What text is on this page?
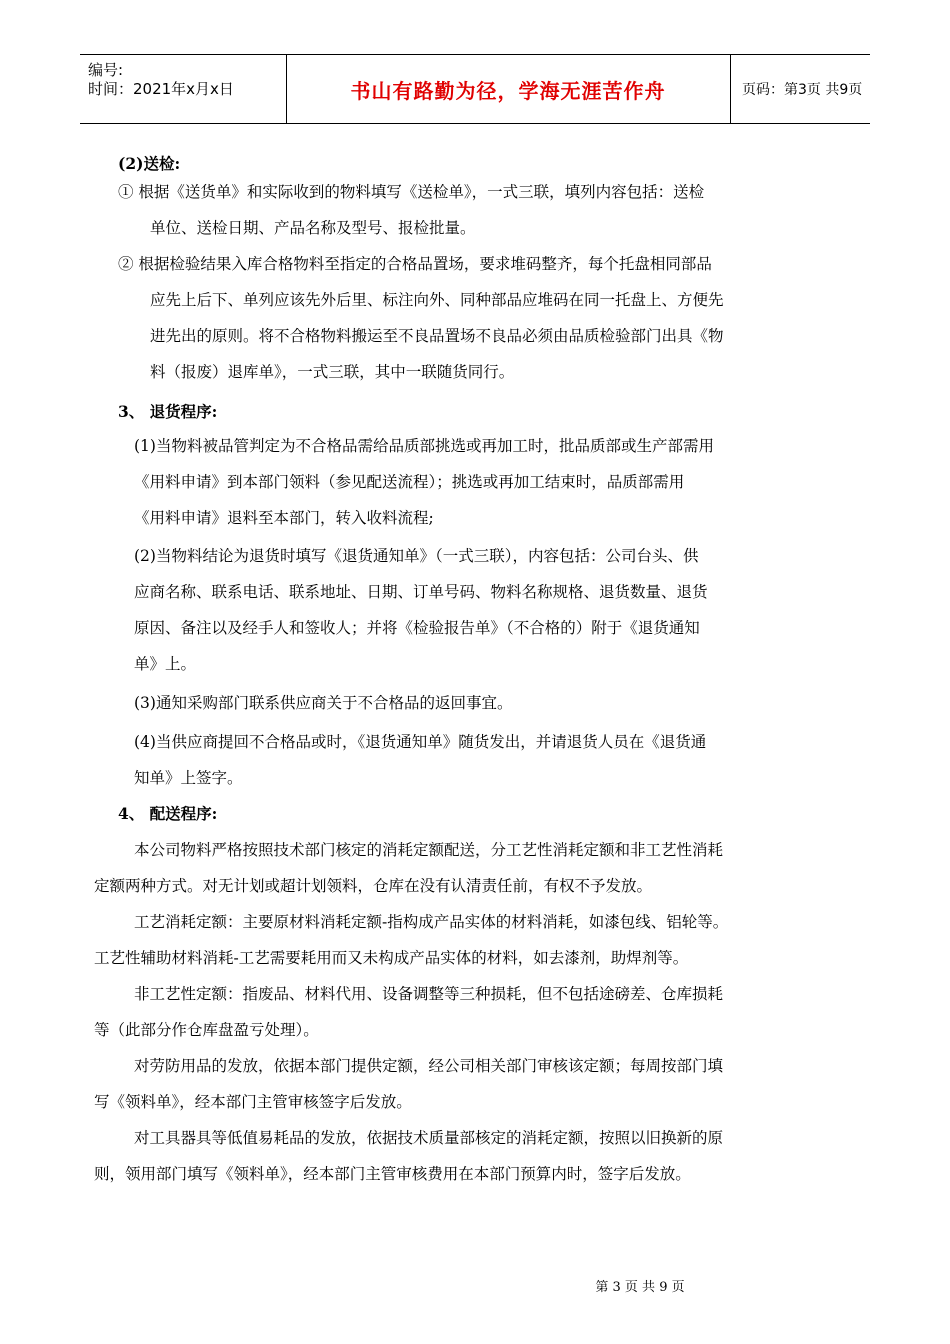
编号:
时间：2021年x月x日	书山有路勤为径，学海无涯苦作舟	页码：第3页 共9页
(2)送检:
① 根据《送货单》和实际收到的物料填写《送检单》，一式三联，填列内容包括：送检
单位、送检日期、产品名称及型号、报检批量。
② 根据检验结果入库合格物料至指定的合格品置场，要求堆码整齐，每个托盘相同部品
应先上后下、单列应该先外后里、标注向外、同种部品应堆码在同一托盘上、方便先
进先出的原则。将不合格物料搬运至不良品置场不良品必须由品质检验部门出具《物
料（报废）退库单》，一式三联，其中一联随货同行。
3、 退货程序:
(1)当物料被品管判定为不合格品需给品质部挑选或再加工时，批品质部或生产部需用
《用料申请》到本部门领料（参见配送流程）；挑选或再加工结束时，品质部需用
《用料申请》退料至本部门，转入收料流程;
(2)当物料结论为退货时填写《退货通知单》（一式三联），内容包括：公司台头、供
应商名称、联系电话、联系地址、日期、订单号码、物料名称规格、退货数量、退货
原因、备注以及经手人和签收人；并将《检验报告单》（不合格的）附于《退货通知
单》上。
(3)通知采购部门联系供应商关于不合格品的返回事宜。
(4)当供应商提回不合格品或时，《退货通知单》随货发出，并请退货人员在《退货通
知单》上签字。
4、 配送程序:
本公司物料严格按照技术部门核定的消耗定额配送，分工艺性消耗定额和非工艺性消耗
定额两种方式。对无计划或超计划领料，仓库在没有认清责任前，有权不予发放。
工艺消耗定额：主要原材料消耗定额-指构成产品实体的材料消耗，如漆包线、铝轮等。
工艺性辅助材料消耗-工艺需要耗用而又未构成产品实体的材料，如去漆剂，助焊剂等。
非工艺性定额：指废品、材料代用、设备调整等三种损耗，但不包括途磅差、仓库损耗
等（此部分作仓库盘盈亏处理）。
对劳防用品的发放，依据本部门提供定额，经公司相关部门审核该定额；每周按部门填
写《领料单》，经本部门主管审核签字后发放。
对工具器具等低值易耗品的发放，依据技术质量部核定的消耗定额，按照以旧换新的原
则，领用部门填写《领料单》，经本部门主管审核费用在本部门预算内时，签字后发放。
第 3 页 共 9 页
